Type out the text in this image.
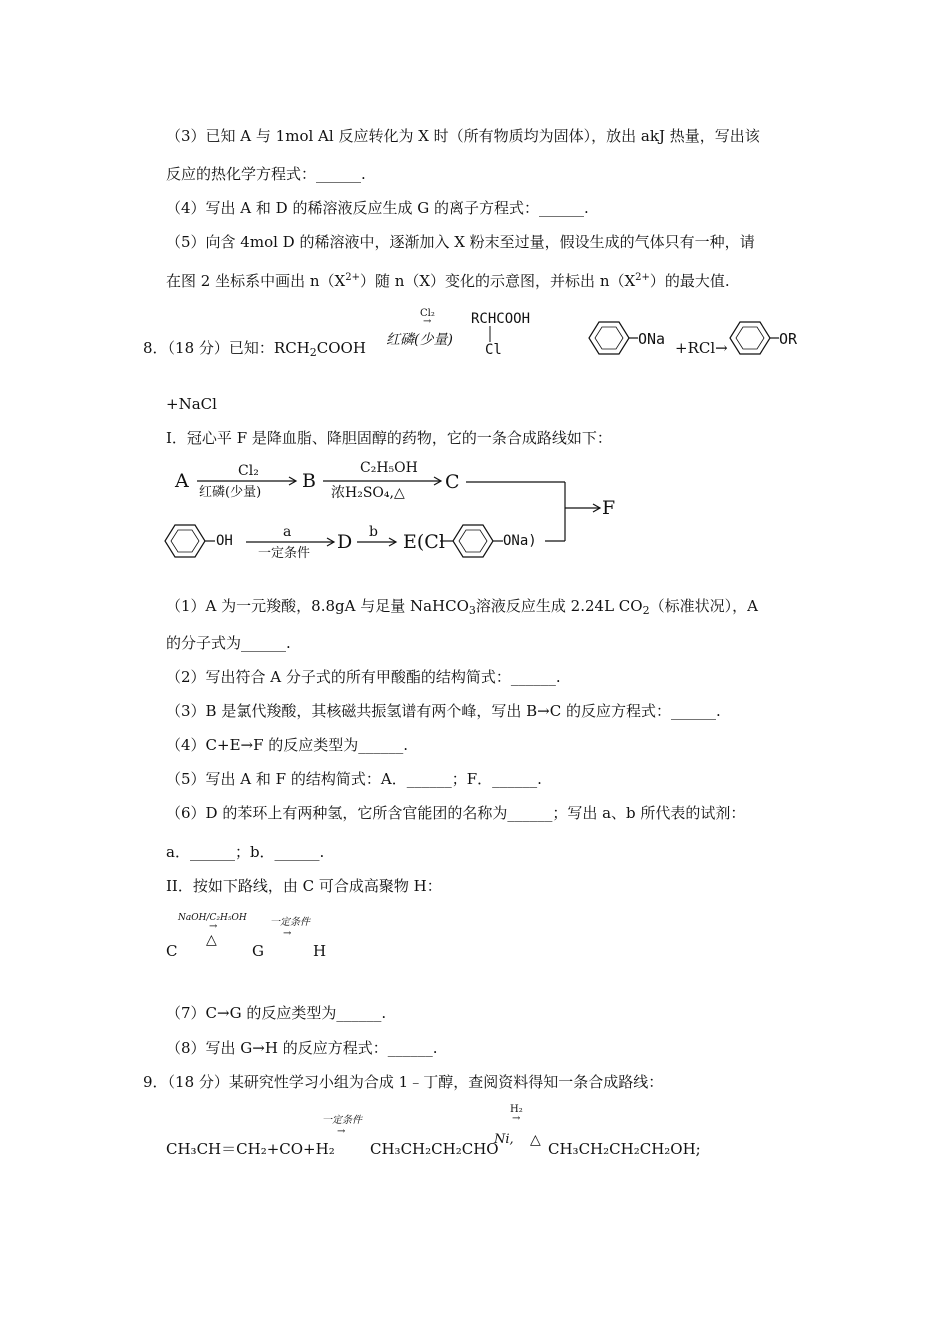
（3）已知 A 与 1mol Al 反应转化为 X 时（所有物质均为固体），放出 akJ 热量，写出该
反应的热化学方程式：______.
（4）写出 A 和 D 的稀溶液反应生成 G 的离子方程式：______.
（5）向含 4mol D 的稀溶液中，逐渐加入 X 粉末至过量，假设生成的气体只有一种，请
在图 2 坐标系中画出 $n(X^{2+})$随 n（X）变化的示意图，并标出 $n(X^{2+})$的最大值.
8．（18 分）已知：$RCH_2COOH$
Cl₂
→
红磷(少量)
RCHCOOH
Cl
ONa +RCl→	OR
+NaCl
I．冠心平 F 是降血脂、降胆固醇的药物，它的一条合成路线如下：
A	Cl₂
红磷(少量)
B
C₂H₅OH
浓H₂SO₄,△ C
F
OH
a
一定条件
D b E(Cl	ONa)
（1）A 为一元羧酸，8.8gA 与足量 NaHCO$_3$溶液反应生成 2.24L $CO_2$（标准状况），A
的分子式为______.
（2）写出符合 A 分子式的所有甲酸酯的结构简式：______.
（3）B 是氯代羧酸，其核磁共振氢谱有两个峰，写出 B→C 的反应方程式：______.
（4）C+E→F 的反应类型为______.
（5）写出 A 和 F 的结构简式：A．______；F．______.
（6）D 的苯环上有两种氢，它所含官能团的名称为______；写出 a、b 所代表的试剂：
a．______；b．______.
II．按如下路线，由 C 可合成高聚物 H：
NaOH/C₂H₅OH
→
△
C	G
一定条件
→
H
（7）C→G 的反应类型为______.
（8）写出 G→H 的反应方程式：______.
9．（18 分）某研究性学习小组为合成 1﹣丁醇，查阅资料得知一条合成路线：
一定条件
→
H₂
→
Ni, △
CH₃CH＝CH₂+CO+H₂ CH₃CH₂CH₂CHO	CH₃CH₂CH₂CH₂OH;
